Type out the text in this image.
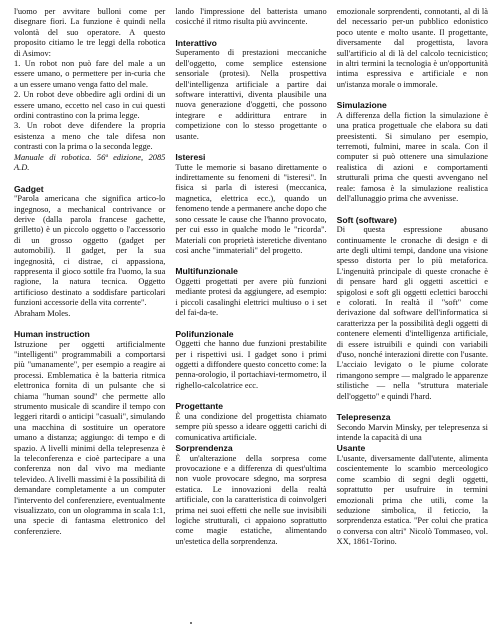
l'uomo per avvitare bulloni come per disegnare fiori. La funzione è quindi nella volontà del suo operatore. A questo proposito citiamo le tre leggi della robotica di Asimov:

1. Un robot non può fare del male a un essere umano, o permettere per in-curia che a un essere umano venga fatto del male.

2. Un robot deve obbedire agli ordini di un essere umano, eccetto nel caso in cui questi ordini contrastino con la prima legge.

3. Un robot deve difendere la propria esistenza a meno che tale difesa non contrasti con la prima o la seconda legge.

Manuale di robotica. 56ª edizione, 2085 A.D.

Gadget

"Parola americana che significa artico-lo ingegnoso, a mechanical contrivance or derive (dalla parola francese gachette, grilletto) è un piccolo oggetto o l'accessorio di un grosso oggetto (gadget per automobili). Il gadget, per la sua ingegnosità, ci distrae, ci appassiona, rappresenta il gioco sottile fra l'uomo, la sua ragione, la natura tecnica. Oggetto artificioso destinato a soddisfare particolari funzioni accessorie della vita corrente".

Abraham Moles.

Human instruction

Istruzione per oggetti artificialmente "intelligenti" programmabili a comportarsi più "umanamente", per esempio a reagire ai processi. Emblematica è la batteria ritmica elettronica fornita di un pulsante che si chiama "human sound" che permette allo strumento musicale di scandire il tempo con leggeri ritardi o anticipi "casuali", simulando una macchina di sostituire un operatore umano a distanza; aggiungo: di tempo e di spazio. A livelli minimi della telepresenza è la teleconferenza e cioè partecipare a una conferenza non dal vivo ma mediante televideo. A livelli massimi è la possibilità di demandare completamente a un computer l'intervento del conferenziere, eventualmente visualizzato, con un ologramma in scala 1:1, una specie di fantasma elettronico del conferenziere.

lando l'impressione del batterista umano cosicché il ritmo risulta più avvincente.

Interattivo

Superamento di prestazioni meccaniche dell'oggetto, come semplice estensione sensoriale (protesi). Nella prospettiva dell'intelligenza artificiale a partire dai software interattivi, diventa plausibile una nuova generazione d'oggetti, che possono integrare e addirittura entrare in competizione con lo stesso progettante o usante.

Isteresi

Tutte le memorie si basano direttamente o indirettamente su fenomeni di "isteresi". In fisica si parla di isteresi (meccanica, magnetica, elettrica ecc.), quando un fenomeno tende a permanere anche dopo che sono cessate le cause che l'hanno provocato, per cui esso in qualche modo le "ricorda". Materiali con proprietà isteretiche diventano così anche "immateriali" del progetto.

Multifunzionale

Oggetti progettati per avere più funzioni mediante protesi da aggiungere, ad esempio: i piccoli casalinghi elettrici multiuso o i set del fai-da-te.

Polifunzionale

Oggetti che hanno due funzioni prestabilite per i rispettivi usi. I gadget sono i primi oggetti a diffondere questo concetto come: la penna-orologio, il portachiavi-termometro, il righello-calcolatrice ecc.

Progettante

È una condizione del progettista chiamato sempre più spesso a ideare oggetti carichi di comunicativa artificiale.

Sorprendenza

È un'alterazione della sorpresa come provocazione e a differenza di quest'ultima non vuole provocare sdegno, ma sorpresa estatica. Le innovazioni della realtà artificiale, con la caratteristica di coinvolgeri prima nei suoi effetti che nelle sue invisibili logiche strutturali, ci appaiono soprattutto come magie estatiche, alimentando un'estetica della sorprendenza.

emozionale sorprendenti, connotanti, al di là del necessario per-un pubblico edonistico poco utente e molto usante. Il progettante, diversamente dal progettista, lavora sull'artificio al di là del calcolo tecnicistico; in altri termini la tecnologia è un'opportunità intima espressiva e artificiale e non un'istanza morale o immorale.

Simulazione

A differenza della fiction la simulazione è una pratica progettuale che elabora su dati preesistenti. Si simulano per esempio, terremoti, fulmini, maree in scala. Con il computer si può ottenere una simulazione realistica di azioni e comportamenti strutturali prima che questi avvengano nel reale: famosa è la simulazione realistica dell'allunaggio prima che avvenisse.

Soft (software)

Di questa espressione abusano continuamente le cronache di design e di arte degli ultimi tempi, dandone una visione spesso distorta per lo più metaforica. L'ingenuità principale di queste cronache è di pensare hard gli oggetti ascettici e spigolosi e soft gli oggetti eclettici barocchi e colorati. In realtà il "soft" come derivazione dal software dell'informatica si caratterizza per la possibilità degli oggetti di contenere elementi d'intelligenza artificiale, di essere istruibili e quindi con variabili d'uso, nonché interazioni dirette con l'usante. L'acciaio levigato o le piume colorate rimangono sempre — malgrado le apparenze stilistiche — nella "struttura materiale dell'oggetto" e quindi l'hard.

Telepresenza

Secondo Marvin Minsky, per telepresenza si intende la capacità di una

Usante

L'usante, diversamente dall'utente, alimenta coscientemente lo scambio merceologico come scambio di segni degli oggetti, soprattutto per usufruire in termini emozionali prima che utili, come la seduzione simbolica, il feticcio, la sorprendenza estatica. "Per colui che pratica o conversa con altri" Nicolò Tommaseo, vol. XX, 1861-Torino.
